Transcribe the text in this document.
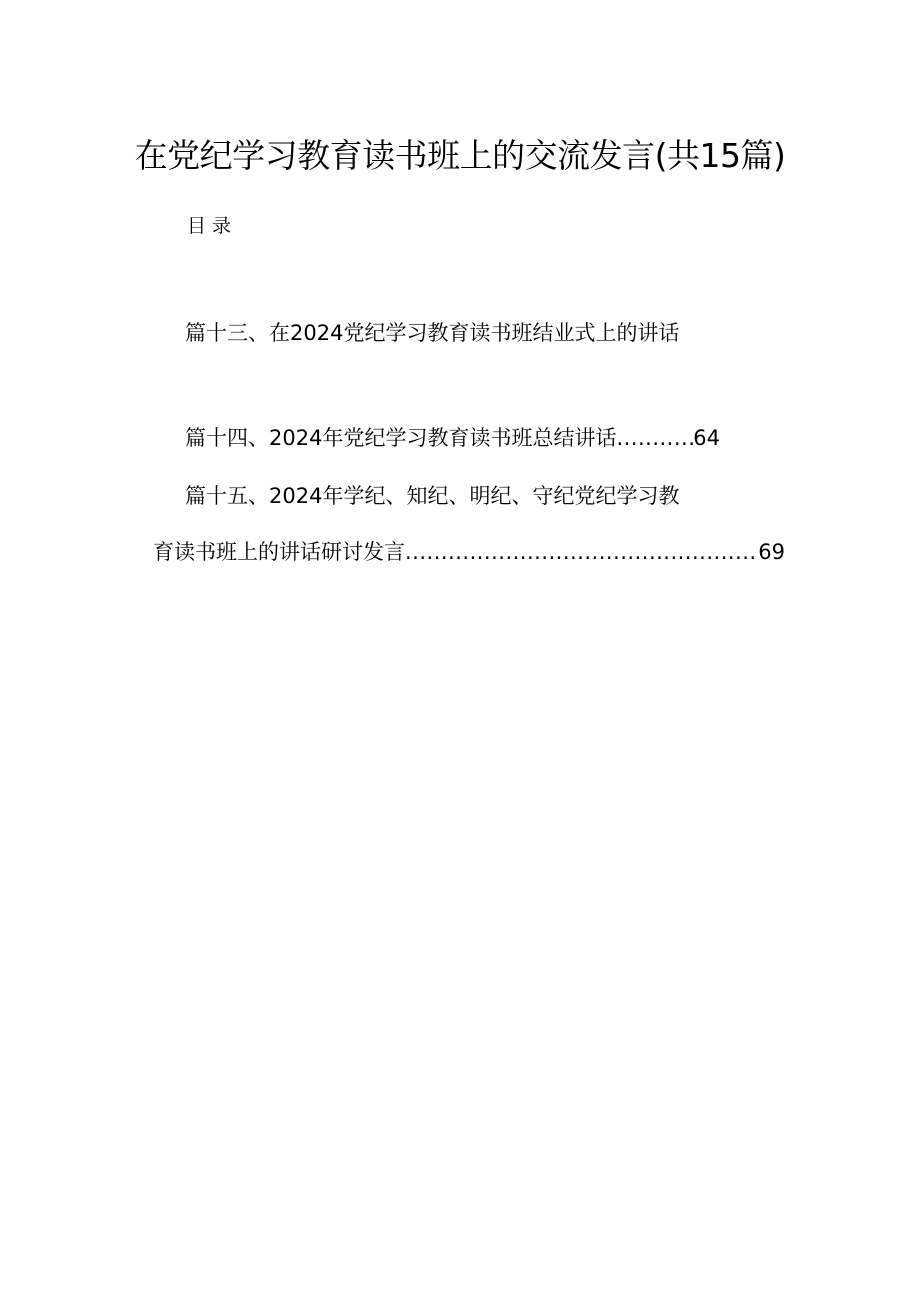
在党纪学习教育读书班上的交流发言(共15篇)
目录
篇十三、在2024党纪学习教育读书班结业式上的讲话
篇十四、2024年党纪学习教育读书班总结讲话 .....	64
篇十五、2024年学纪、知纪、明纪、守纪党纪学习教
育读书班上的讲话研讨发言 .....	69
